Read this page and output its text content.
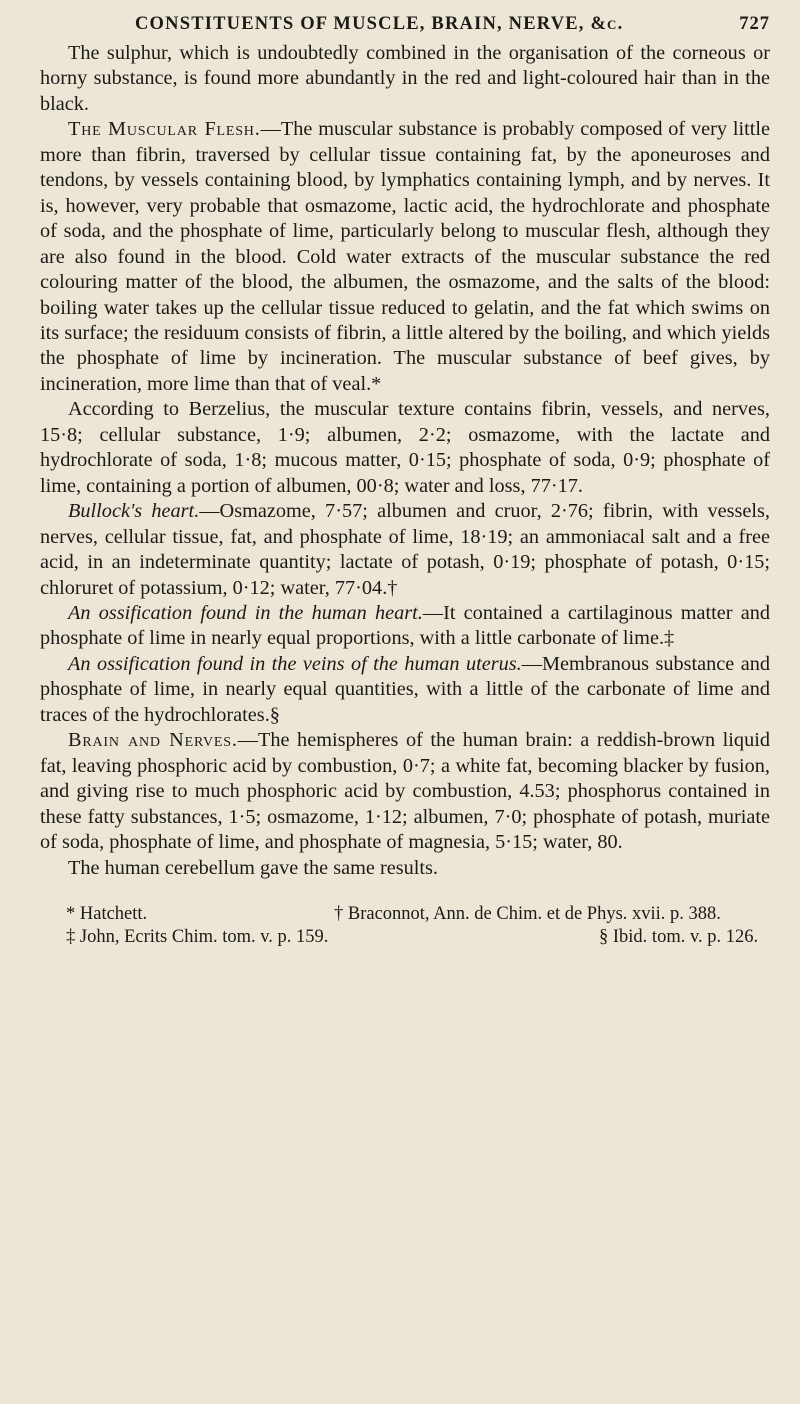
CONSTITUENTS OF MUSCLE, BRAIN, NERVE, &c.	727

The sulphur, which is undoubtedly combined in the organisation of the corneous or horny substance, is found more abundantly in the red and light-coloured hair than in the black.

The Muscular Flesh.—The muscular substance is probably composed of very little more than fibrin, traversed by cellular tissue containing fat, by the aponeuroses and tendons, by vessels containing blood, by lymphatics containing lymph, and by nerves. It is, however, very probable that osmazome, lactic acid, the hydrochlorate and phosphate of soda, and the phosphate of lime, particularly belong to muscular flesh, although they are also found in the blood. Cold water extracts of the muscular substance the red colouring matter of the blood, the albumen, the osmazome, and the salts of the blood: boiling water takes up the cellular tissue reduced to gelatin, and the fat which swims on its surface; the residuum consists of fibrin, a little altered by the boiling, and which yields the phosphate of lime by incineration. The muscular substance of beef gives, by incineration, more lime than that of veal.*

According to Berzelius, the muscular texture contains fibrin, vessels, and nerves, 15·8; cellular substance, 1·9; albumen, 2·2; osmazome, with the lactate and hydrochlorate of soda, 1·8; mucous matter, 0·15; phosphate of soda, 0·9; phosphate of lime, containing a portion of albumen, 00·8; water and loss, 77·17.

Bullock's heart.—Osmazome, 7·57; albumen and cruor, 2·76; fibrin, with vessels, nerves, cellular tissue, fat, and phosphate of lime, 18·19; an ammoniacal salt and a free acid, in an indeterminate quantity; lactate of potash, 0·19; phosphate of potash, 0·15; chloruret of potassium, 0·12; water, 77·04.†

An ossification found in the human heart.—It contained a cartilaginous matter and phosphate of lime in nearly equal proportions, with a little carbonate of lime.‡

An ossification found in the veins of the human uterus.—Membranous substance and phosphate of lime, in nearly equal quantities, with a little of the carbonate of lime and traces of the hydrochlorates.§

Brain and Nerves.—The hemispheres of the human brain: a reddish-brown liquid fat, leaving phosphoric acid by combustion, 0·7; a white fat, becoming blacker by fusion, and giving rise to much phosphoric acid by combustion, 4.53; phosphorus contained in these fatty substances, 1·5; osmazome, 1·12; albumen, 7·0; phosphate of potash, muriate of soda, phosphate of lime, and phosphate of magnesia, 5·15; water, 80.

The human cerebellum gave the same results.

* Hatchett.	† Braconnot, Ann. de Chim. et de Phys. xvii. p. 388.
‡ John, Ecrits Chim. tom. v. p. 159.	§ Ibid. tom. v. p. 126.
